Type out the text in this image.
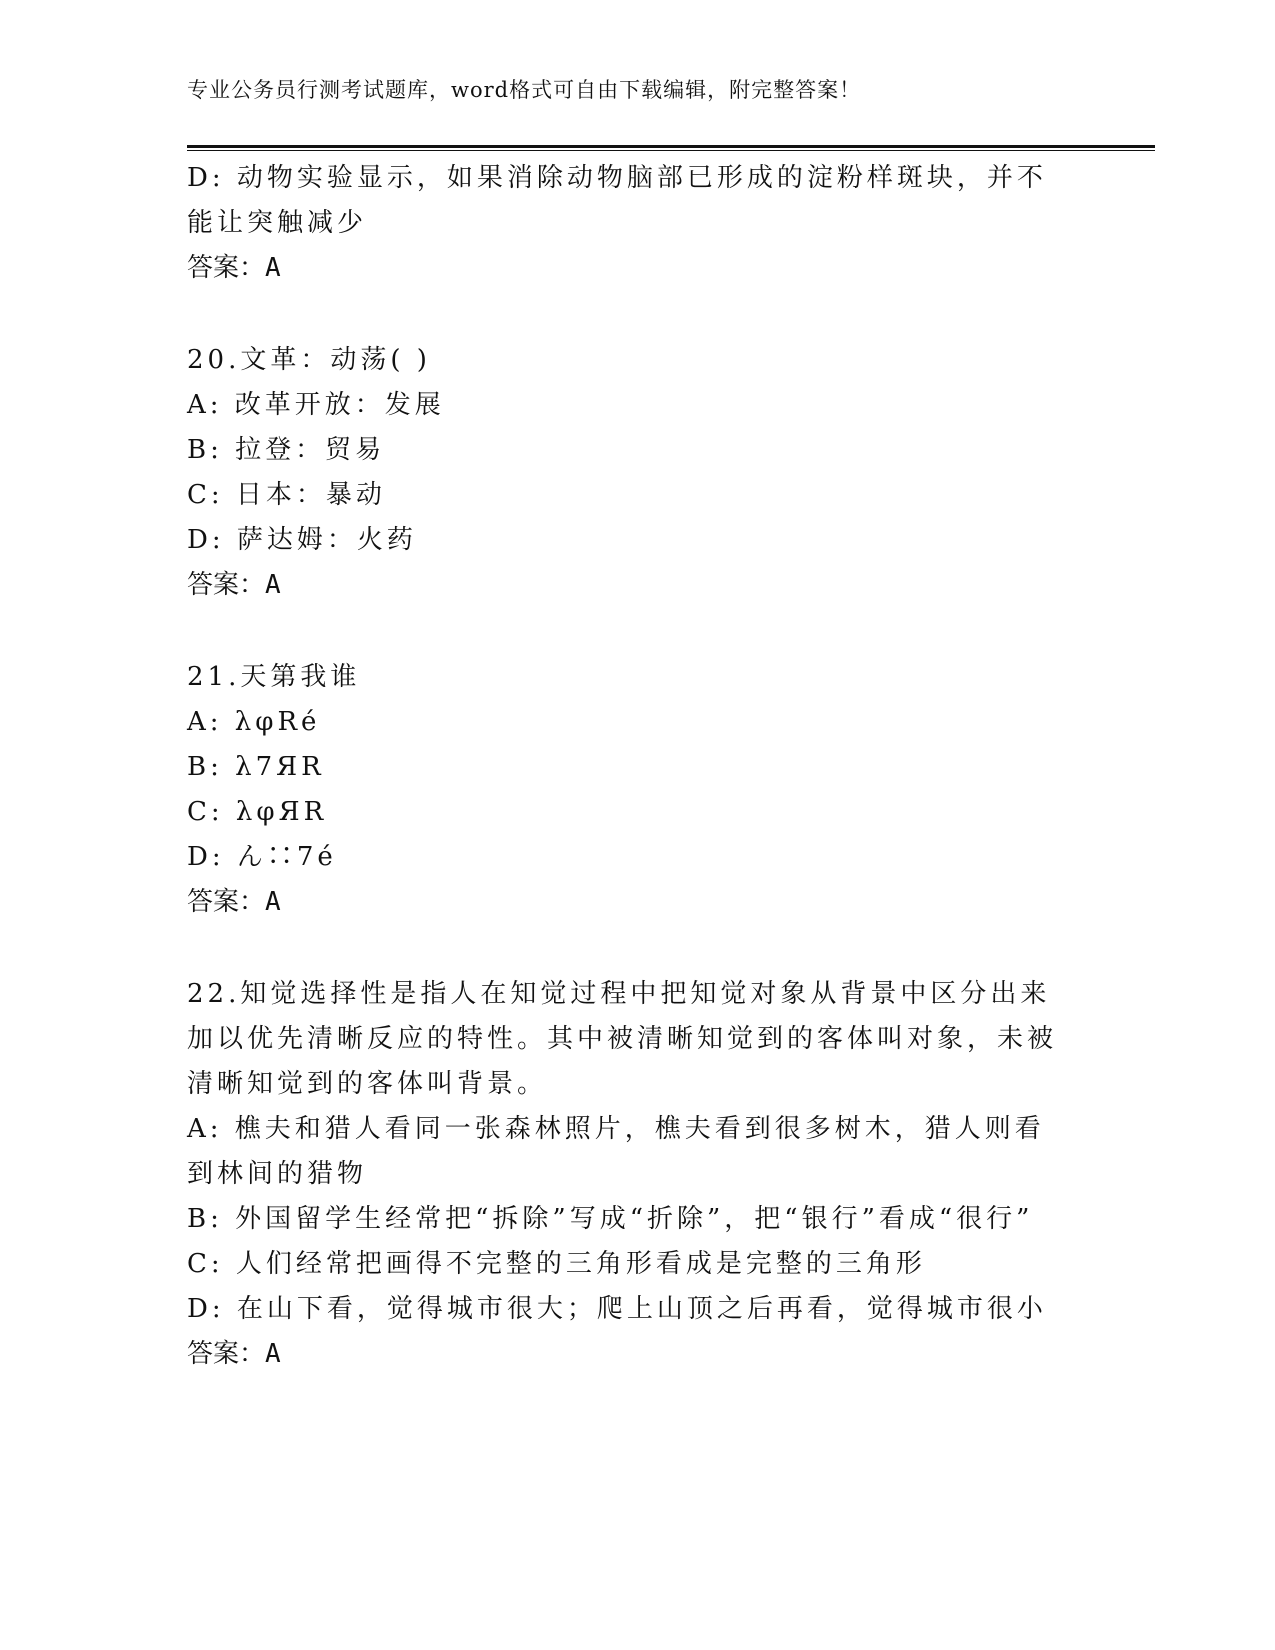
专业公务员行测考试题库，word格式可自由下载编辑，附完整答案！

D: 动物实验显示，如果消除动物脑部已形成的淀粉样斑块，并不能让突触减少

答案：A

20.文革：动荡( )

A: 改革开放：发展

B: 拉登：贸易

C: 日本：暴动

D: 萨达姆：火药

答案：A

21.天第我谁

A: λφRé

B: λ7ЯR

C: λφЯR

D: ん∷7é

答案：A

22.知觉选择性是指人在知觉过程中把知觉对象从背景中区分出来加以优先清晰反应的特性。其中被清晰知觉到的客体叫对象，未被清晰知觉到的客体叫背景。

A: 樵夫和猎人看同一张森林照片，樵夫看到很多树木，猎人则看到林间的猎物

B: 外国留学生经常把“拆除”写成“折除”，把“银行”看成“很行”

C: 人们经常把画得不完整的三角形看成是完整的三角形

D: 在山下看，觉得城市很大；爬上山顶之后再看，觉得城市很小

答案：A
